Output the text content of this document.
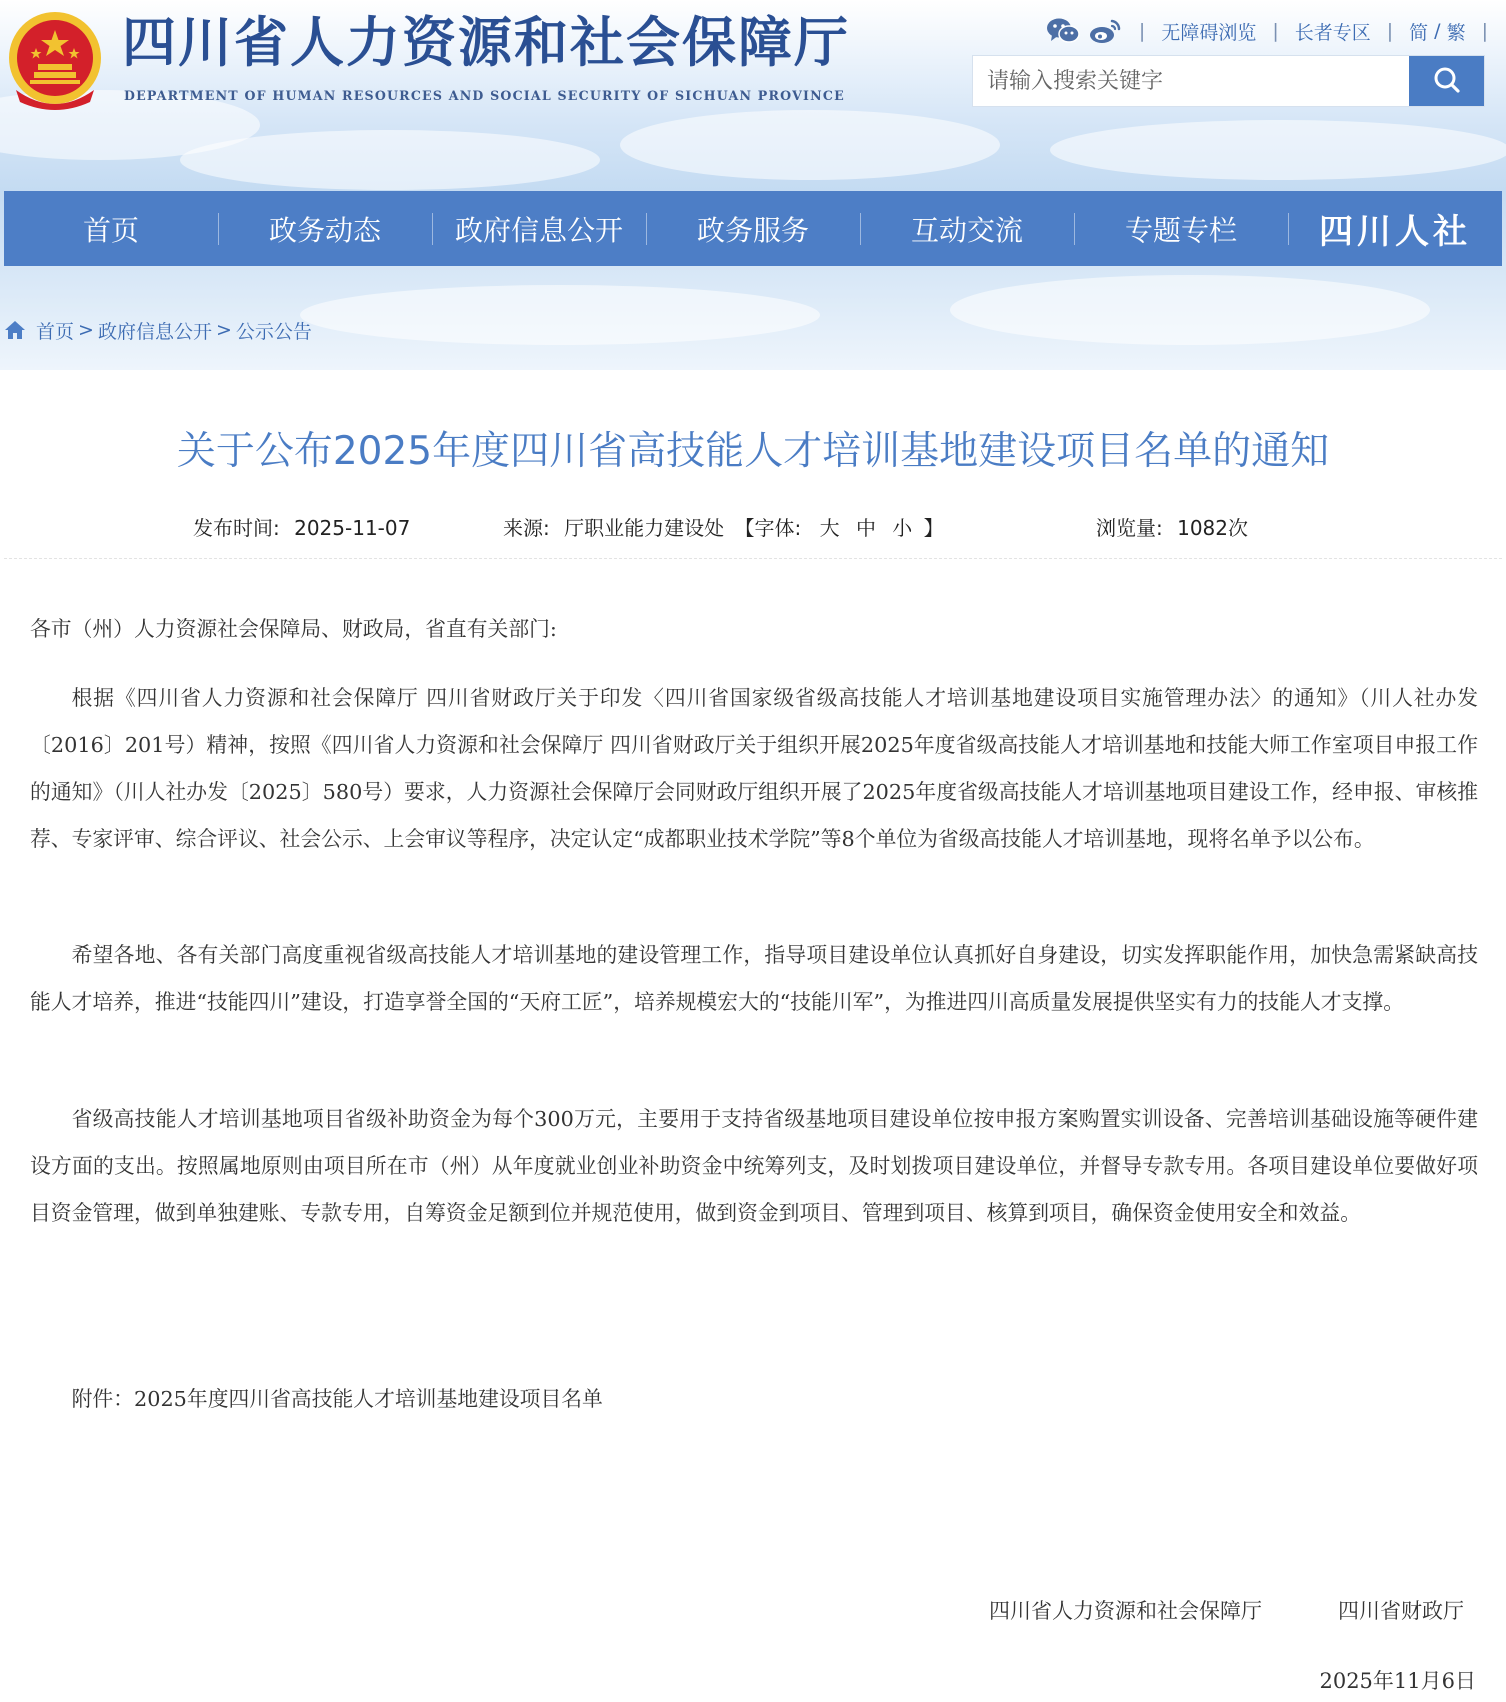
四川省人力资源和社会保障厅
DEPARTMENT OF HUMAN RESOURCES AND SOCIAL SECURITY OF SICHUAN PROVINCE
| 无障碍浏览 | 长者专区 | 简 / 繁 |
请输入搜索关键字
首页	政务动态	政府信息公开	政务服务	互动交流	专题专栏	四川人社
首页 > 政府信息公开 > 公示公告
关于公布2025年度四川省高技能人才培训基地建设项目名单的通知
发布时间: 2025-11-07	来源: 厅职业能力建设处 【字体: 大 中 小 】	浏览量: 1082次

各市（州）人力资源社会保障局、财政局，省直有关部门:

根据《四川省人力资源和社会保障厅 四川省财政厅关于印发〈四川省国家级省级高技能人才培训基地建设项目实施管理办法〉的通知》（川人社办发〔2016〕201号）精神，按照《四川省人力资源和社会保障厅 四川省财政厅关于组织开展2025年度省级高技能人才培训基地和技能大师工作室项目申报工作的通知》（川人社办发〔2025〕580号）要求，人力资源社会保障厅会同财政厅组织开展了2025年度省级高技能人才培训基地项目建设工作，经申报、审核推荐、专家评审、综合评议、社会公示、上会审议等程序，决定认定“成都职业技术学院”等8个单位为省级高技能人才培训基地，现将名单予以公布。

希望各地、各有关部门高度重视省级高技能人才培训基地的建设管理工作，指导项目建设单位认真抓好自身建设，切实发挥职能作用，加快急需紧缺高技能人才培养，推进“技能四川”建设，打造享誉全国的“天府工匠”，培养规模宏大的“技能川军”，为推进四川高质量发展提供坚实有力的技能人才支撑。

省级高技能人才培训基地项目省级补助资金为每个300万元，主要用于支持省级基地项目建设单位按申报方案购置实训设备、完善培训基础设施等硬件建设方面的支出。按照属地原则由项目所在市（州）从年度就业创业补助资金中统筹列支，及时划拨项目建设单位，并督导专款专用。各项目建设单位要做好项目资金管理，做到单独建账、专款专用，自筹资金足额到位并规范使用，做到资金到项目、管理到项目、核算到项目，确保资金使用安全和效益。

附件：2025年度四川省高技能人才培训基地建设项目名单

四川省人力资源和社会保障厅	四川省财政厅
2025年11月6日
